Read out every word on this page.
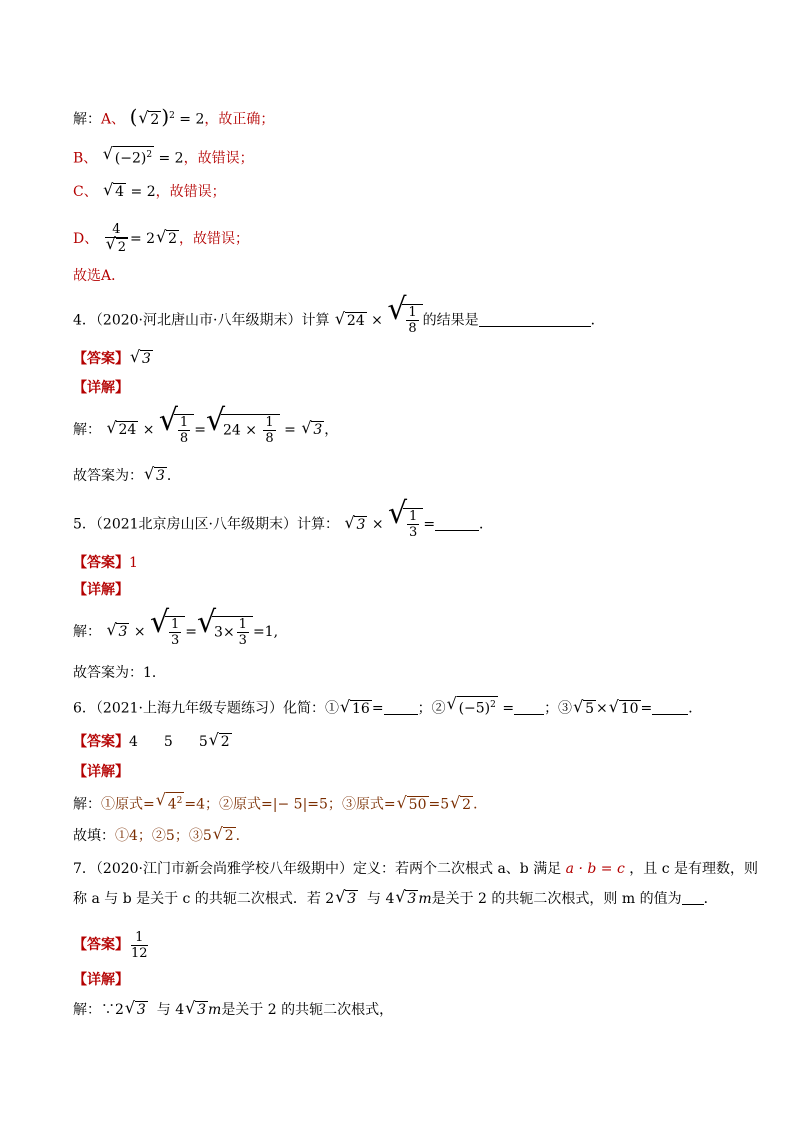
解：A、 ( √ 2 )$^2$ = 2，故正确；
B、 √ $(-2)^2 = 2$，故错误；
C、 √ 4 = 2，故错误；
D、 4
√ 2 = 2 √ 2 ，故错误；
故选A．
4．（2020·河北唐山市·八年级期末）计算 √ 24 × √ $\frac{1}{8}$ 的结果是	．
【答案】 √ 3
【详解】
解： √ 24 × √ $\frac{1}{8}$ = √ $24 \times \frac{1}{8}$ = √ 3 ，
故答案为： √ 3 ．
5．（2021北京房山区·八年级期末）计算： √ 3 × √ $\frac{1}{3}$ =	．
【答案】1
【详解】
解： √ 3 × √ $\frac{1}{3}$ = √ $3\times \frac{1}{3} =1$,
故答案为：1．
6．（2021·上海九年级专题练习）化简：① √ 16 = ；② √ $(-5)^2$ = ；③ √ 5 × √ 10 =	．
【答案】4 5 5 √ 2
【详解】
解：①原式= √ $4^2 =4$；②原式=|− 5|=5；③原式= √ 50 =5 √ 2 ．
故填：①4；②5；③5 √ 2 ．
7．（2020·江门市新会尚雅学校八年级期中）定义：若两个二次根式 a、b 满足 a · b = c ，且 c 是有理数，则
称 a 与 b 是关于 c 的共轭二次根式．若 2 √ 3 与 4 √ 3 m是关于 2 的共轭二次根式，则 m 的值为 ．
【答案】 $\frac{1}{12}$
【详解】
解：∵2 √ 3 与 4 √ 3 m是关于 2 的共轭二次根式，
